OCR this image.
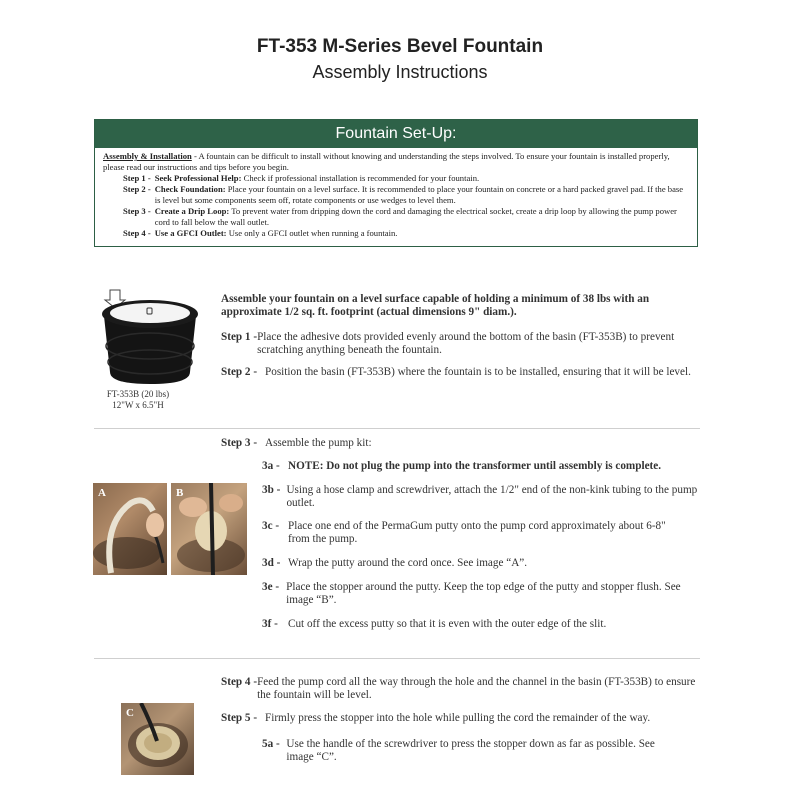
FT-353 M-Series Bevel Fountain
Assembly Instructions
Fountain Set-Up:
Assembly & Installation - A fountain can be difficult to install without knowing and understanding the steps involved. To ensure your fountain is installed properly, please read our instructions and tips before you begin.
Step 1 - Seek Professional Help: Check if professional installation is recommended for your fountain.
Step 2 - Check Foundation: Place your fountain on a level surface. It is recommended to place your fountain on concrete or a hard packed gravel pad. If the base is level but some components seem off, rotate components or use wedges to level them.
Step 3 - Create a Drip Loop: To prevent water from dripping down the cord and damaging the electrical socket, create a drip loop by allowing the pump power cord to fall below the wall outlet.
Step 4 - Use a GFCI Outlet: Use only a GFCI outlet when running a fountain.
FT-353B (20 lbs)
12"W x 6.5"H
Assemble your fountain on a level surface capable of holding a minimum of 38 lbs with an approximate 1/2 sq. ft. footprint (actual dimensions 9" diam.).
Step 1 - Place the adhesive dots provided evenly around the bottom of the basin (FT-353B) to prevent scratching anything beneath the fountain.
Step 2 - Position the basin (FT-353B) where the fountain is to be installed, ensuring that it will be level.
Step 3 - Assemble the pump kit:
A	B
3a - NOTE: Do not plug the pump into the transformer until assembly is complete.
3b - Using a hose clamp and screwdriver, attach the 1/2" end of the non-kink tubing to the pump outlet.
3c - Place one end of the PermaGum putty onto the pump cord approximately about 6-8" from the pump.
3d - Wrap the putty around the cord once. See image “A”.
3e - Place the stopper around the putty. Keep the top edge of the putty and stopper flush. See image “B”.
3f - Cut off the excess putty so that it is even with the outer edge of the slit.
Step 4 - Feed the pump cord all the way through the hole and the channel in the basin (FT-353B) to ensure the fountain will be level.
Step 5 - Firmly press the stopper into the hole while pulling the cord the remainder of the way.
5a - Use the handle of the screwdriver to press the stopper down as far as possible. See image “C”.
C
